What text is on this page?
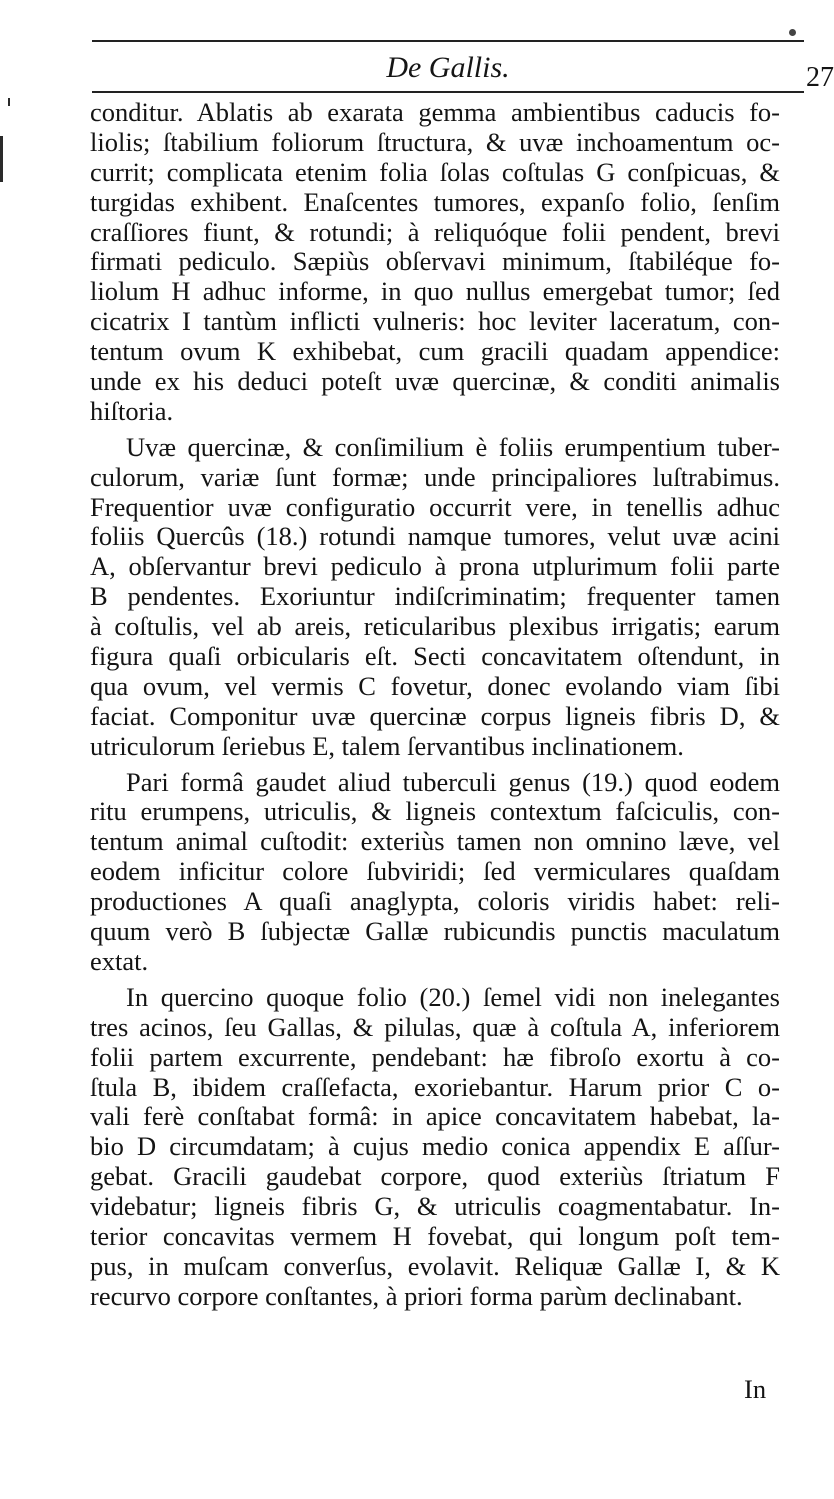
De Gallis.	27
conditur. Ablatis ab exarata gemma ambientibus caducis fo-
liolis; ſtabilium foliorum ſtructura, & uvæ inchoamentum oc-
currit; complicata etenim folia ſolas coſtulas G conſpicuas, &
turgidas exhibent. Enaſcentes tumores, expanſo folio, ſenſim
craſſiores fiunt, & rotundi; à reliquóque folii pendent, brevi
firmati pediculo. Sæpiùs obſervavi minimum, ſtabiléque fo-
liolum H adhuc informe, in quo nullus emergebat tumor; ſed
cicatrix I tantùm inflicti vulneris: hoc leviter laceratum, con-
tentum ovum K exhibebat, cum gracili quadam appendice:
unde ex his deduci poteſt uvæ quercinæ, & conditi animalis
hiſtoria.
Uvæ quercinæ, & conſimilium è foliis erumpentium tuber-
culorum, variæ ſunt formæ; unde principaliores luſtrabimus.
Frequentior uvæ configuratio occurrit vere, in tenellis adhuc
foliis Quercûs (18.) rotundi namque tumores, velut uvæ acini
A, obſervantur brevi pediculo à prona utplurimum folii parte
B pendentes. Exoriuntur indiſcriminatim; frequenter tamen
à coſtulis, vel ab areis, reticularibus plexibus irrigatis; earum
figura quaſi orbicularis eſt. Secti concavitatem oſtendunt, in
qua ovum, vel vermis C fovetur, donec evolando viam ſibi
faciat. Componitur uvæ quercinæ corpus ligneis fibris D, &
utriculorum ſeriebus E, talem ſervantibus inclinationem.
Pari formâ gaudet aliud tuberculi genus (19.) quod eodem
ritu erumpens, utriculis, & ligneis contextum faſciculis, con-
tentum animal cuſtodit: exteriùs tamen non omnino læve, vel
eodem inficitur colore ſubviridi; ſed vermiculares quaſdam
productiones A quaſi anaglypta, coloris viridis habet: reli-
quum verò B ſubjectæ Gallæ rubicundis punctis maculatum
extat.
In quercino quoque folio (20.) ſemel vidi non inelegantes
tres acinos, ſeu Gallas, & pilulas, quæ à coſtula A, inferiorem
folii partem excurrente, pendebant: hæ fibroſo exortu à co-
ſtula B, ibidem craſſefacta, exoriebantur. Harum prior C o-
vali ferè conſtabat formâ: in apice concavitatem habebat, la-
bio D circumdatam; à cujus medio conica appendix E aſſur-
gebat. Gracili gaudebat corpore, quod exteriùs ſtriatum F
videbatur; ligneis fibris G, & utriculis coagmentabatur. In-
terior concavitas vermem H fovebat, qui longum poſt tem-
pus, in muſcam converſus, evolavit. Reliquæ Gallæ I, & K
recurvo corpore conſtantes, à priori forma parùm declinabant.
In
